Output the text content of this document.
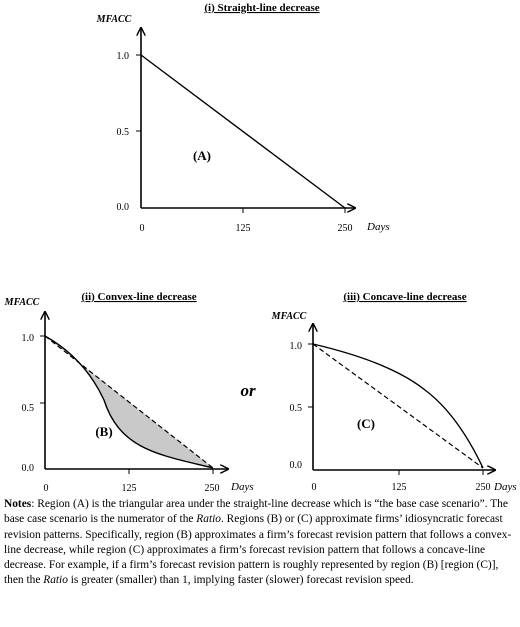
(i) Straight-line decrease
MFACC
1.0
0.5
0.0
0	125	250 Days
(A)
(ii) Convex-line decrease
MFACC
1.0
0.5
0.0
0	125	250 Days
(B)
or
(iii) Concave-line decrease
MFACC
1.0
0.5
0.0
0	125	250 Days
(C)
Notes: Region (A) is the triangular area under the straight-line decrease which is “the base case scenario”. The base case scenario is the numerator of the Ratio. Regions (B) or (C) approximate firms’ idiosyncratic forecast revision patterns. Specifically, region (B) approximates a firm’s forecast revision pattern that follows a convex-line decrease, while region (C) approximates a firm’s forecast revision pattern that follows a concave-line decrease. For example, if a firm’s forecast revision pattern is roughly represented by region (B) [region (C)], then the Ratio is greater (smaller) than 1, implying faster (slower) forecast revision speed.
